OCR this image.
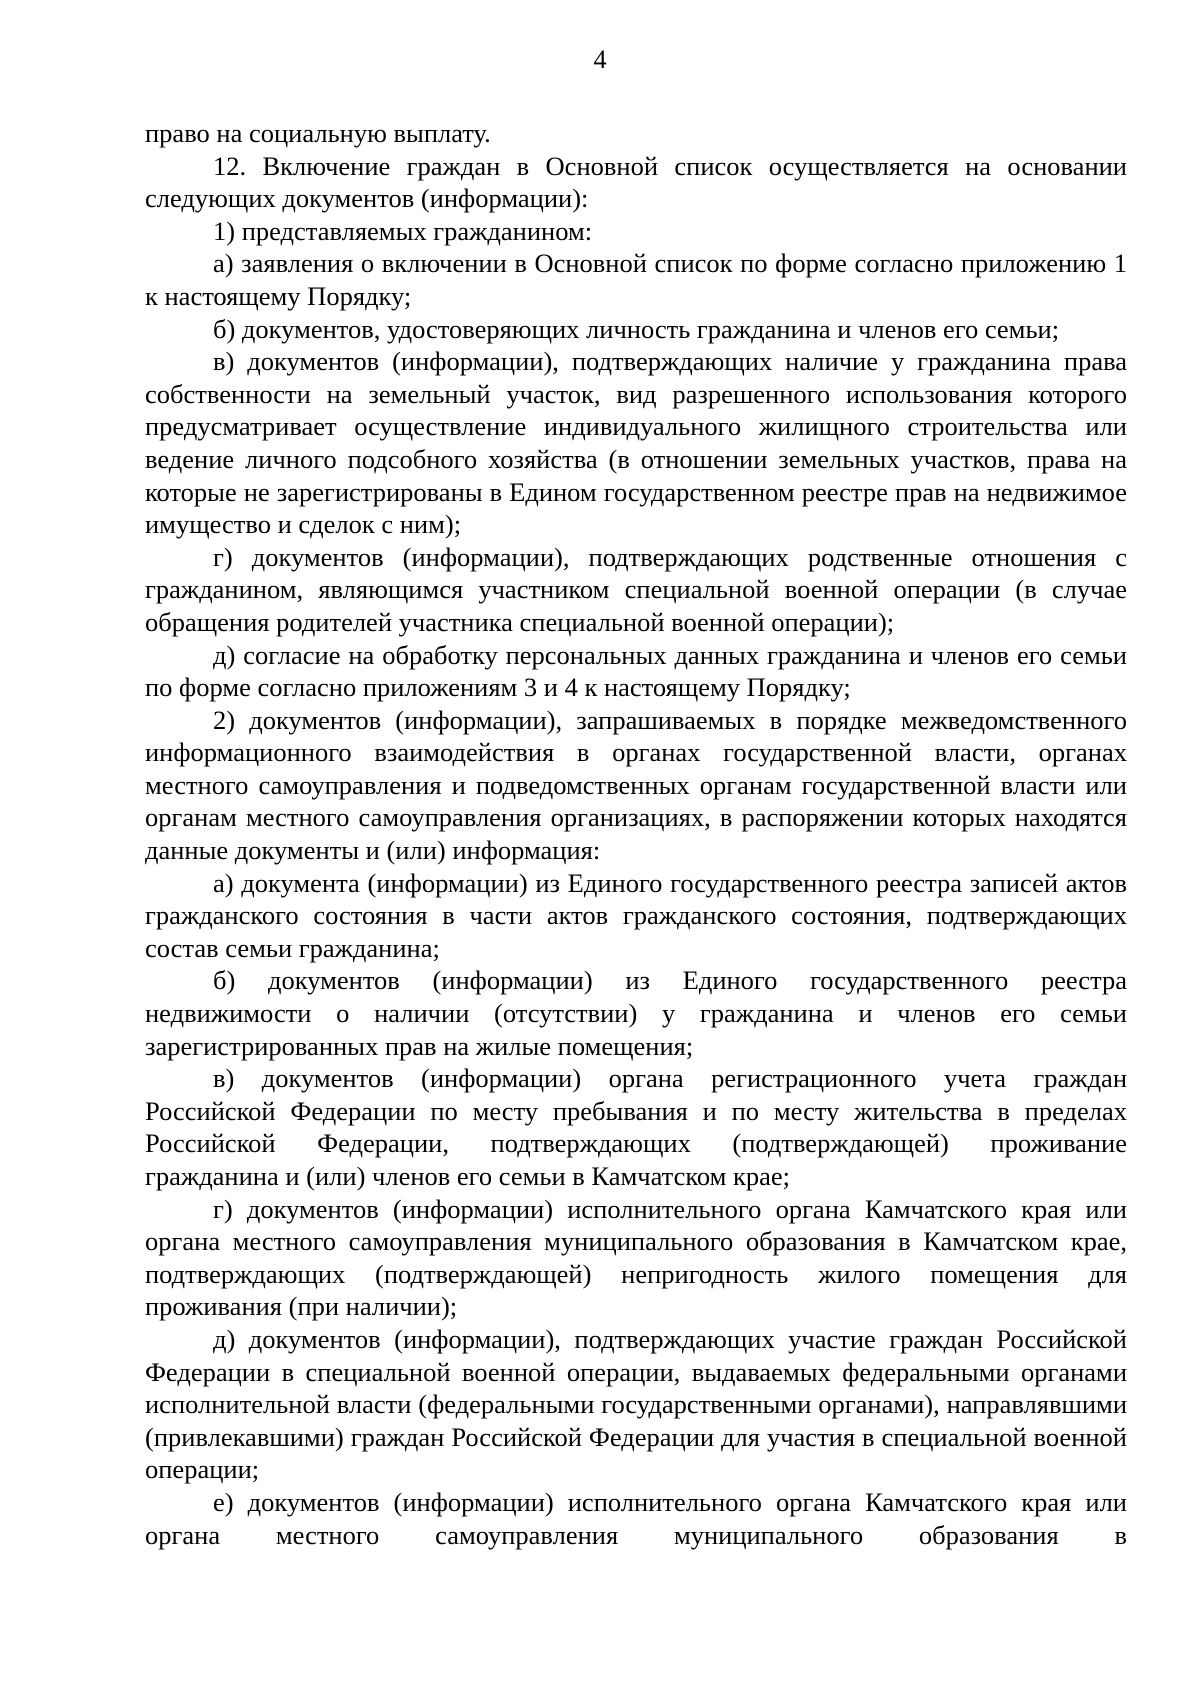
4

право на социальную выплату.

12. Включение граждан в Основной список осуществляется на основании следующих документов (информации):

1) представляемых гражданином:

а) заявления о включении в Основной список по форме согласно приложению 1 к настоящему Порядку;

б) документов, удостоверяющих личность гражданина и членов его семьи;

в) документов (информации), подтверждающих наличие у гражданина права собственности на земельный участок, вид разрешенного использования которого предусматривает осуществление индивидуального жилищного строительства или ведение личного подсобного хозяйства (в отношении земельных участков, права на которые не зарегистрированы в Едином государственном реестре прав на недвижимое имущество и сделок с ним);

г) документов (информации), подтверждающих родственные отношения с гражданином, являющимся участником специальной военной операции (в случае обращения родителей участника специальной военной операции);

д) согласие на обработку персональных данных гражданина и членов его семьи по форме согласно приложениям 3 и 4 к настоящему Порядку;

2) документов (информации), запрашиваемых в порядке межведомственного информационного взаимодействия в органах государственной власти, органах местного самоуправления и подведомственных органам государственной власти или органам местного самоуправления организациях, в распоряжении которых находятся данные документы и (или) информация:

а) документа (информации) из Единого государственного реестра записей актов гражданского состояния в части актов гражданского состояния, подтверждающих состав семьи гражданина;

б) документов (информации) из Единого государственного реестра недвижимости о наличии (отсутствии) у гражданина и членов его семьи зарегистрированных прав на жилые помещения;

в) документов (информации) органа регистрационного учета граждан Российской Федерации по месту пребывания и по месту жительства в пределах Российской Федерации, подтверждающих (подтверждающей) проживание гражданина и (или) членов его семьи в Камчатском крае;

г) документов (информации) исполнительного органа Камчатского края или органа местного самоуправления муниципального образования в Камчатском крае, подтверждающих (подтверждающей) непригодность жилого помещения для проживания (при наличии);

д) документов (информации), подтверждающих участие граждан Российской Федерации в специальной военной операции, выдаваемых федеральными органами исполнительной власти (федеральными государственными органами), направлявшими (привлекавшими) граждан Российской Федерации для участия в специальной военной операции;

е) документов (информации) исполнительного органа Камчатского края или органа местного самоуправления муниципального образования в
